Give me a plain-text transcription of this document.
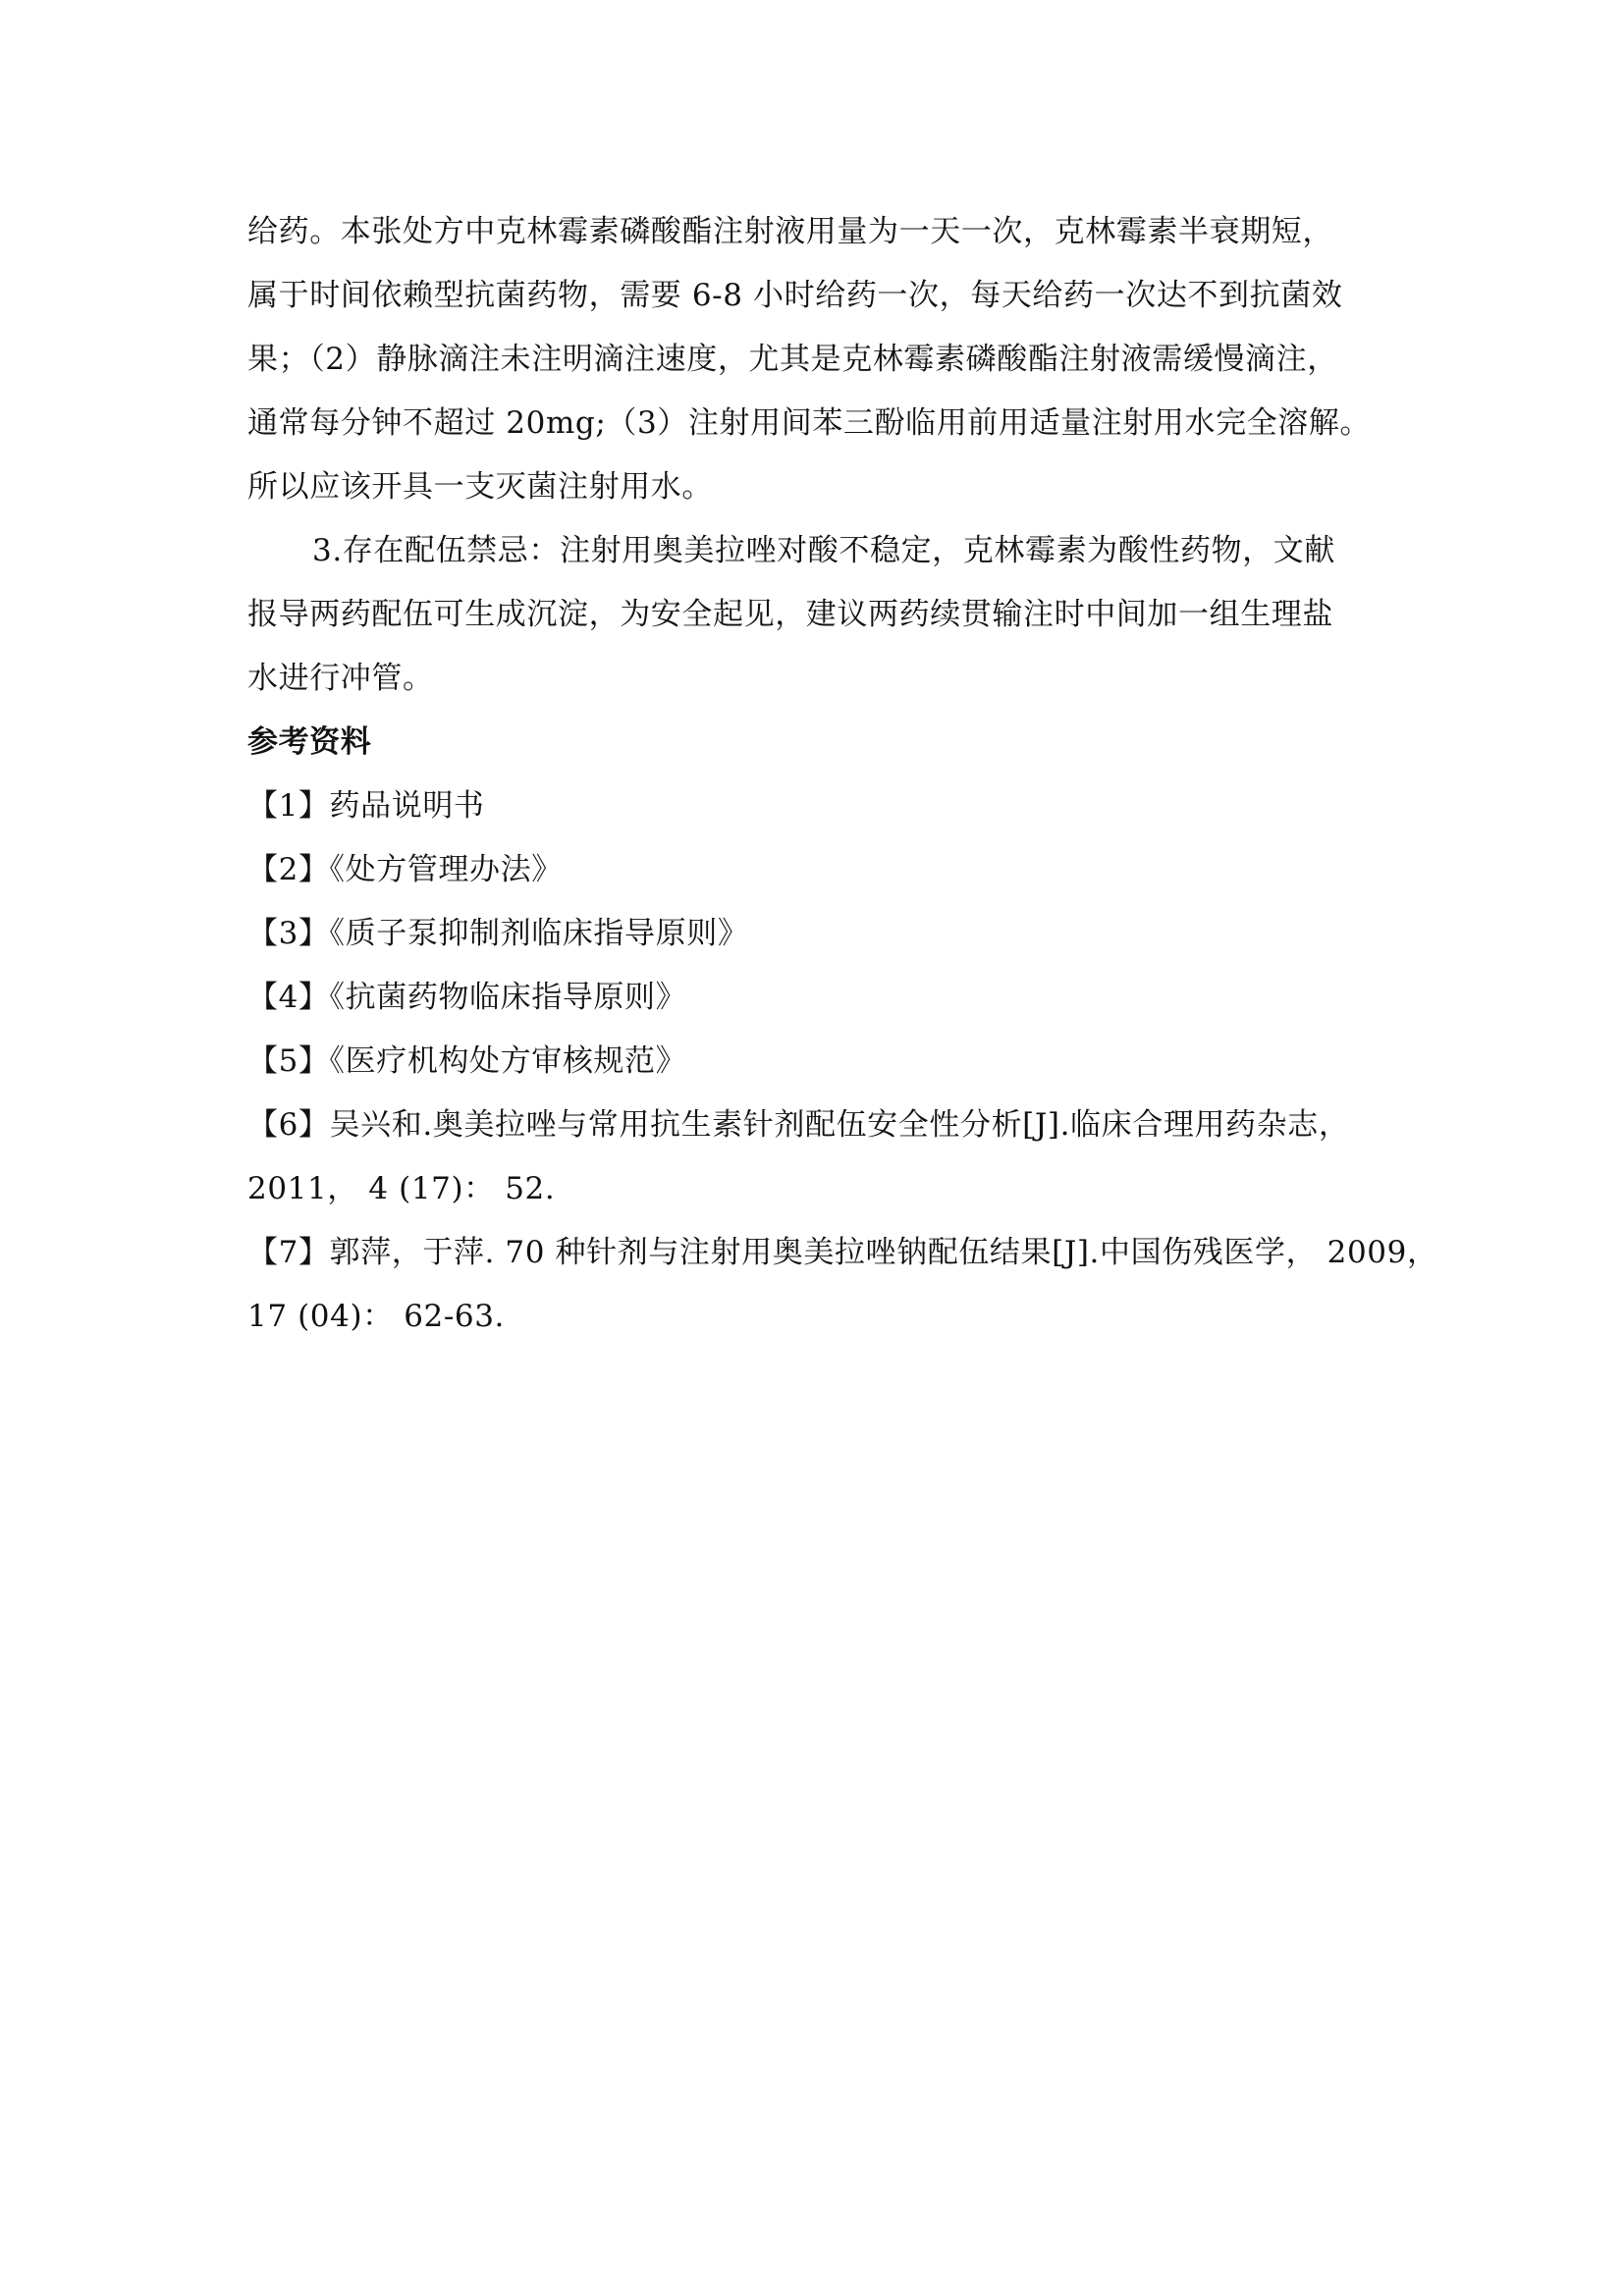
给药。本张处方中克林霉素磷酸酯注射液用量为一天一次，克林霉素半衰期短，
属于时间依赖型抗菌药物，需要 6-8 小时给药一次，每天给药一次达不到抗菌效
果；（2）静脉滴注未注明滴注速度，尤其是克林霉素磷酸酯注射液需缓慢滴注，
通常每分钟不超过 20mg;（3）注射用间苯三酚临用前用适量注射用水完全溶解。
所以应该开具一支灭菌注射用水。
3.存在配伍禁忌：注射用奥美拉唑对酸不稳定，克林霉素为酸性药物，文献
报导两药配伍可生成沉淀，为安全起见，建议两药续贯输注时中间加一组生理盐
水进行冲管。
参考资料
【1】药品说明书
【2】《处方管理办法》
【3】《质子泵抑制剂临床指导原则》
【4】《抗菌药物临床指导原则》
【5】《医疗机构处方审核规范》
【6】吴兴和.奥美拉唑与常用抗生素针剂配伍安全性分析[J].临床合理用药杂志，
2011， 4 (17)： 52.
【7】郭萍，于萍. 70 种针剂与注射用奥美拉唑钠配伍结果[J].中国伤残医学， 2009，
17 (04)： 62-63.
